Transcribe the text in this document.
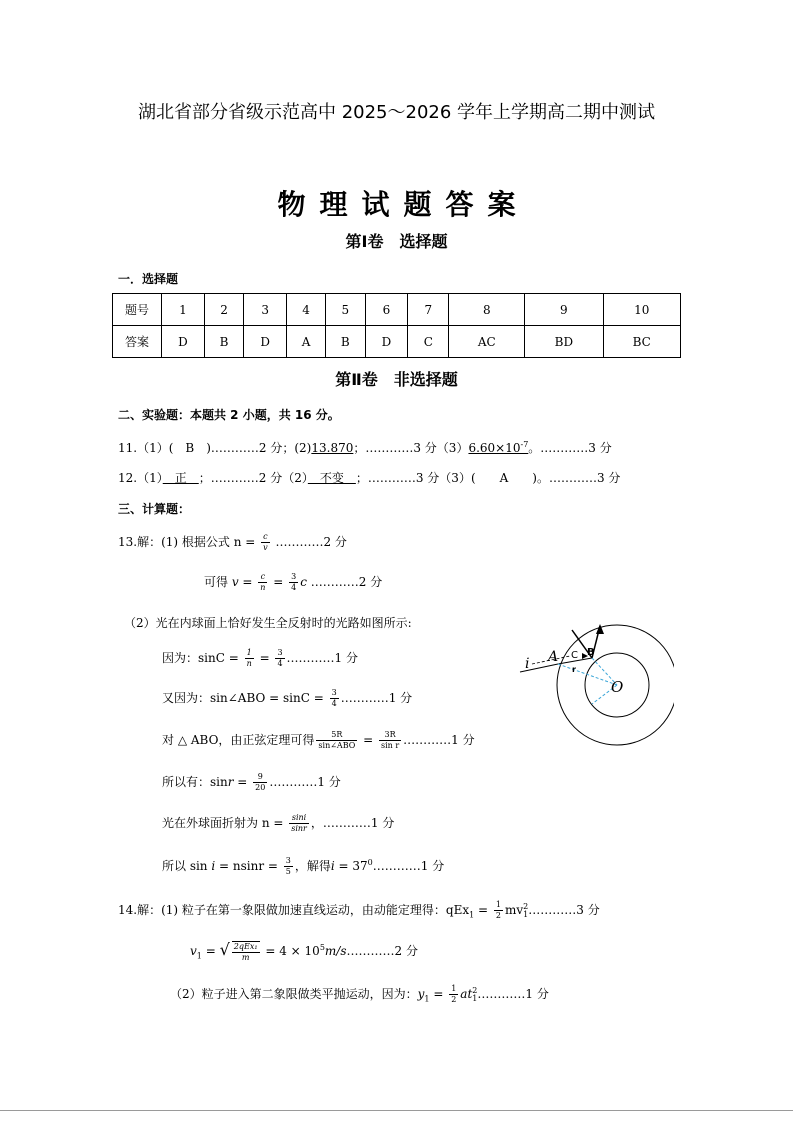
湖北省部分省级示范高中 2025～2026 学年上学期高二期中测试
物理试题答案
第Ⅰ卷　选择题
一．选择题
题号	1	2	3	4	5	6	7	8	9	10
答案	D	B	D	A	B	D	C	AC	BD	BC
第Ⅱ卷　非选择题
二、实验题：本题共 2 小题，共 16 分。
11.（1）(　B　)…………2 分；(2)13.870；…………3 分$(3)6.60\times 10^{-7}$。…………3 分
12.（1）　正　；…………2 分（2）　不变　；…………3 分（3）(　　A　　)。…………3 分
三、计算题：
13.解：(1) 根据公式 $n = \frac{c}{v}$ …………2 分
可得 $v = \frac{c}{n} = \frac{3}{4}$ c …………2 分
（2）光在内球面上恰好发生全反射时的光路如图所示:
因为：$\sin C = \frac{1}{n} = \frac{3}{4}$ …………1 分
又因为：sin∠ABO = $\sin C = \frac{3}{4}$ …………1 分
对 △ ABO，由正弦定理可得 $\frac{5R}{\text{sin∠ABO}} = \frac{3R}{\text{sin r}}$ …………1 分
所以有：$\sin r = \frac{9}{20}$ …………1 分
光在外球面折射为 $n = \frac{\sin i}{\sin r}$ ，…………1 分
所以 $\sin i = nsinr = \frac{3}{5}$ ，解得$i = 37^0\dots\dots\dots\dots 1$ 分
i A C B
r
O
14.解：(1) 粒子在第一象限做加速直线运动，由动能定理得：$qEx_1 = \frac{1}{2}$ mv 2
1 …………3 分
$v_1$ = √ $\frac{\text{2qEx₁}}{m} = 4$ × $10^5m/s\dots\dots\dots\dots 2$ 分
（2）粒子进入第二象限做类平抛运动，因为：$y_1 = \frac{1}{2}$ at 2
1 …………1 分
